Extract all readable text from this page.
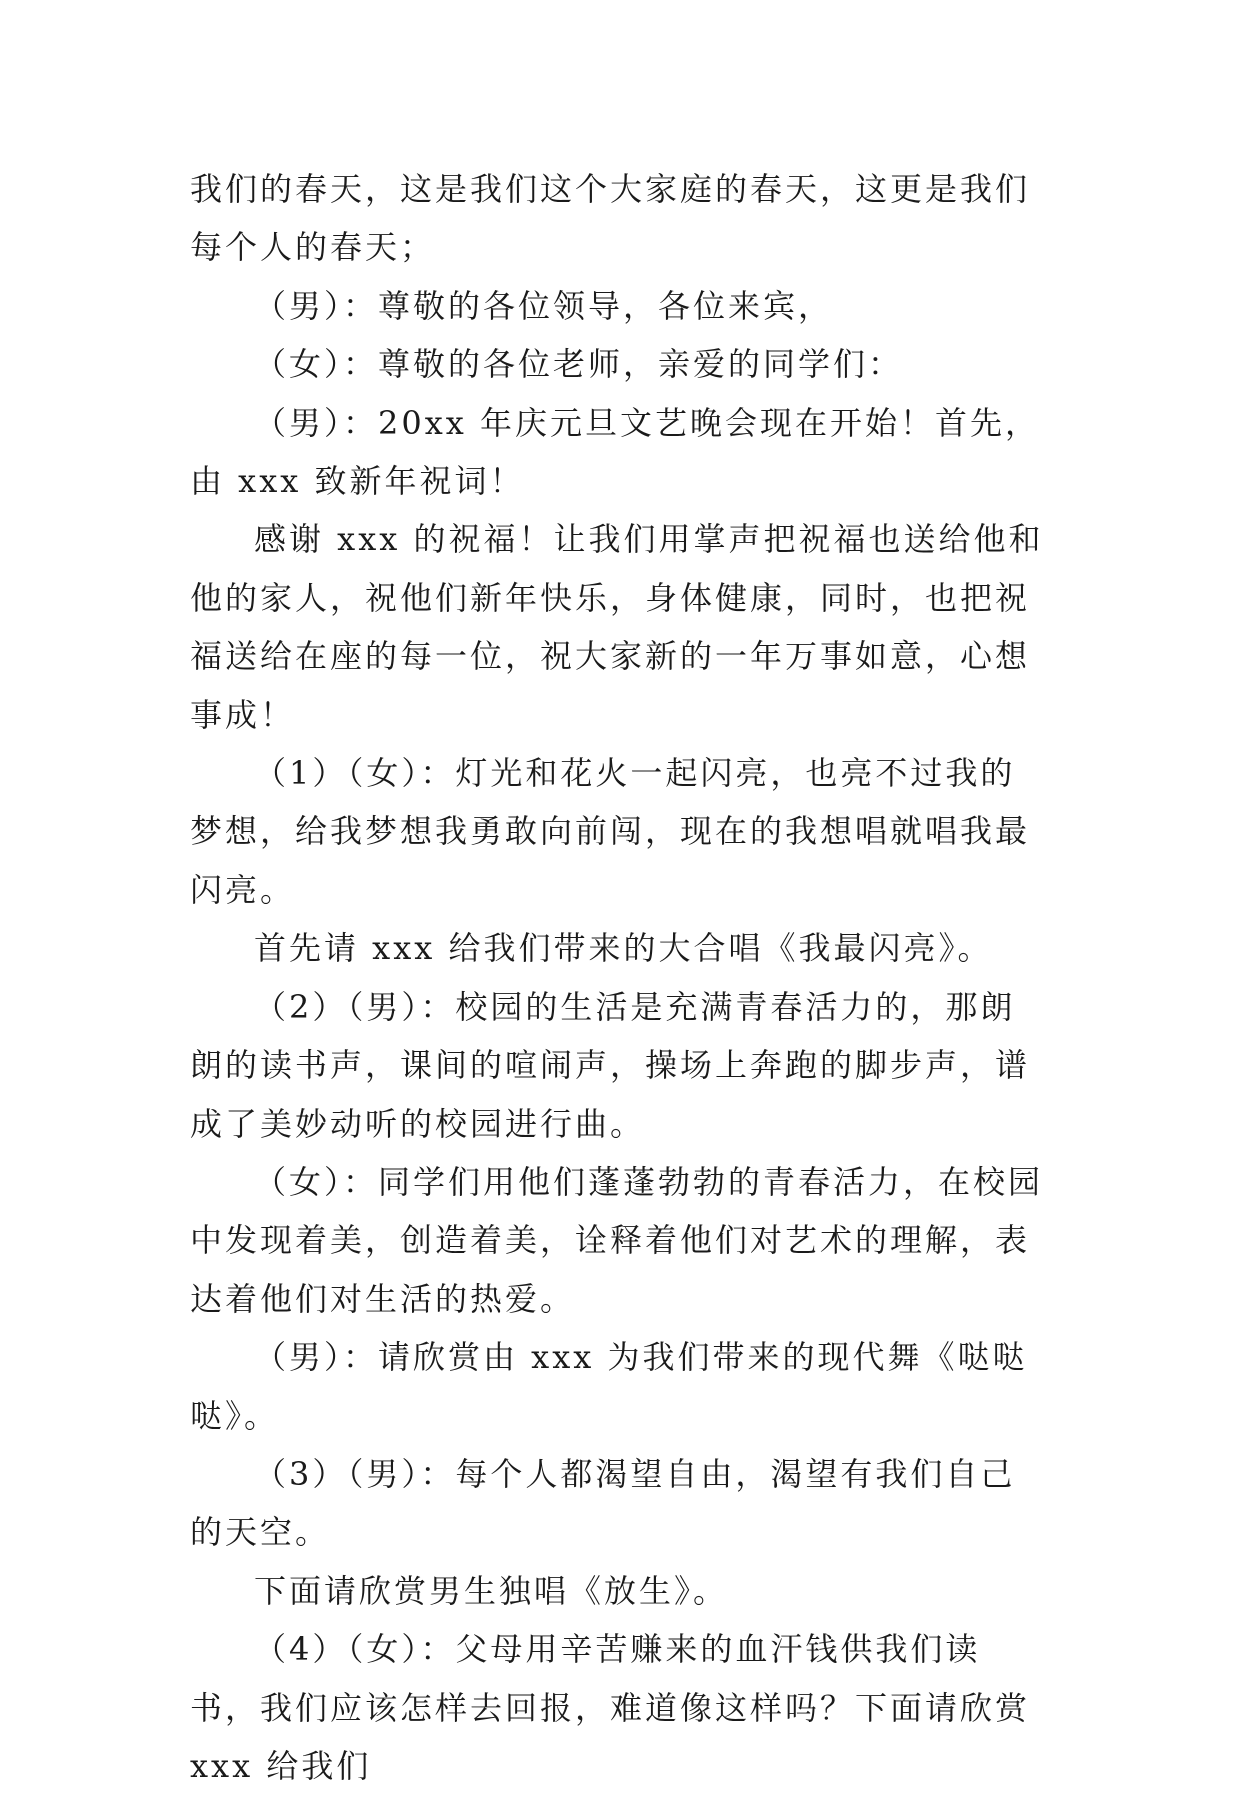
我们的春天，这是我们这个大家庭的春天，这更是我们每个人的春天；

（男）：尊敬的各位领导，各位来宾，

（女）：尊敬的各位老师，亲爱的同学们：

（男）：20xx 年庆元旦文艺晚会现在开始！首先，由 xxx 致新年祝词！

感谢 xxx 的祝福！让我们用掌声把祝福也送给他和他的家人，祝他们新年快乐，身体健康，同时，也把祝福送给在座的每一位，祝大家新的一年万事如意，心想事成！

（1）（女）：灯光和花火一起闪亮，也亮不过我的梦想，给我梦想我勇敢向前闯，现在的我想唱就唱我最闪亮。

首先请 xxx 给我们带来的大合唱《我最闪亮》。

（2）（男）：校园的生活是充满青春活力的，那朗朗的读书声，课间的喧闹声，操场上奔跑的脚步声，谱成了美妙动听的校园进行曲。

（女）：同学们用他们蓬蓬勃勃的青春活力，在校园中发现着美，创造着美，诠释着他们对艺术的理解，表达着他们对生活的热爱。

（男）：请欣赏由 xxx 为我们带来的现代舞《哒哒哒》。

（3）（男）：每个人都渴望自由，渴望有我们自己的天空。

下面请欣赏男生独唱《放生》。

（4）（女）：父母用辛苦赚来的血汗钱供我们读书，我们应该怎样去回报，难道像这样吗？下面请欣赏 xxx 给我们
